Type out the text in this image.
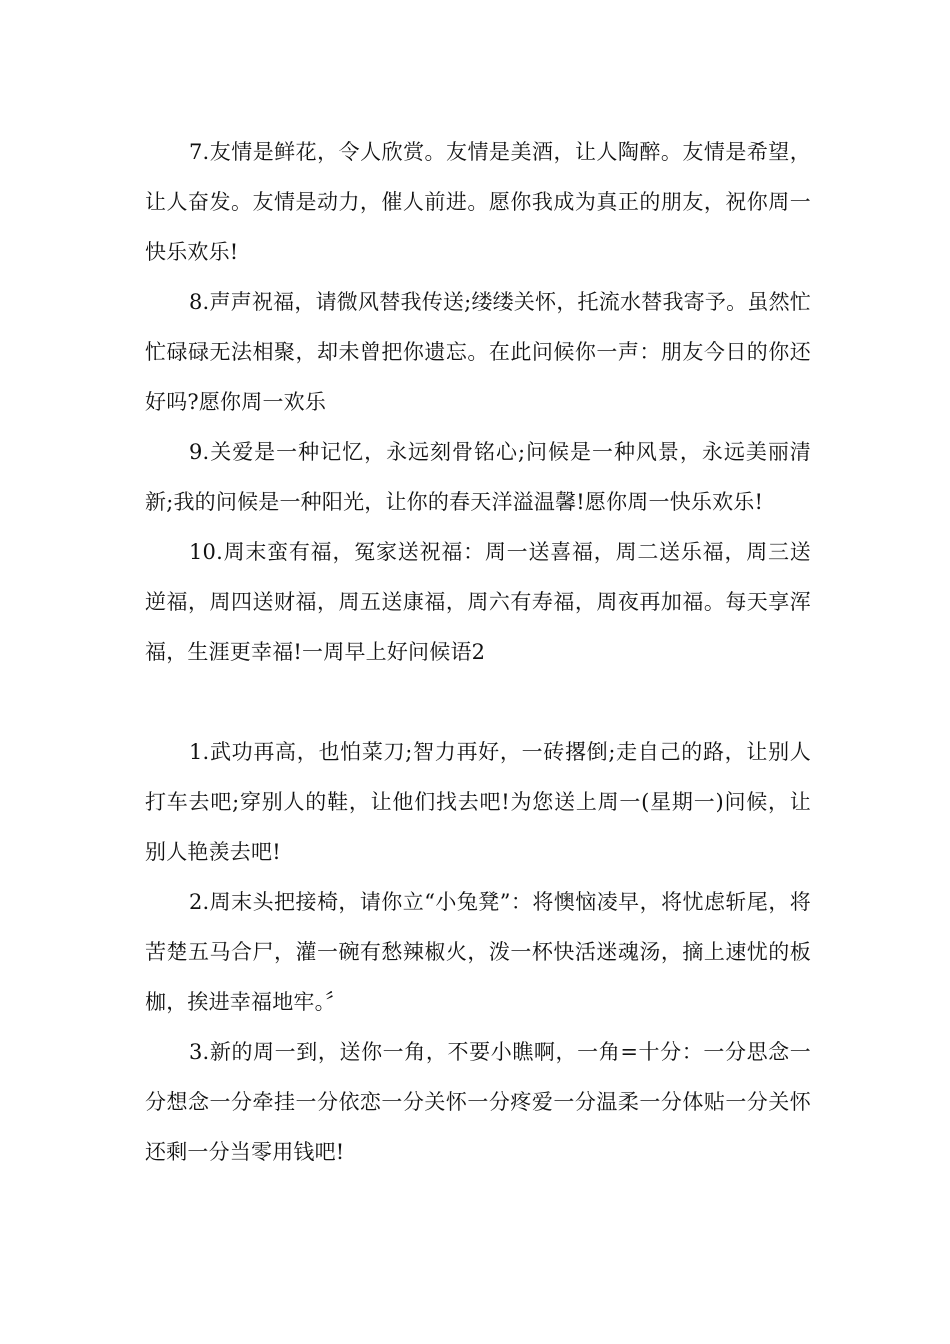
7.友情是鲜花，令人欣赏。友情是美酒，让人陶醉。友情是希望，让人奋发。友情是动力，催人前进。愿你我成为真正的朋友，祝你周一快乐欢乐!

8.声声祝福，请微风替我传送;缕缕关怀，托流水替我寄予。虽然忙忙碌碌无法相聚，却未曾把你遗忘。在此问候你一声：朋友今日的你还好吗?愿你周一欢乐

9.关爱是一种记忆，永远刻骨铭心;问候是一种风景，永远美丽清新;我的问候是一种阳光，让你的春天洋溢温馨!愿你周一快乐欢乐!

10.周末蛮有福，冤家送祝福：周一送喜福，周二送乐福，周三送逆福，周四送财福，周五送康福，周六有寿福，周夜再加福。每天享浑福，生涯更幸福!一周早上好问候语2

1.武功再高，也怕菜刀;智力再好，一砖撂倒;走自己的路，让别人打车去吧;穿别人的鞋，让他们找去吧!为您送上周一(星期一)问候，让别人艳羡去吧!

2.周末头把接椅，请你立“小兔凳”：将懊恼凌早，将忧虑斩尾，将苦楚五马合尸，灌一碗有愁辣椒火，泼一杯快活迷魂汤，摘上速忧的板枷，挨进幸福地牢。〞

3.新的周一到，送你一角，不要小瞧啊，一角=十分：一分思念一分想念一分牵挂一分依恋一分关怀一分疼爱一分温柔一分体贴一分关怀还剩一分当零用钱吧!
